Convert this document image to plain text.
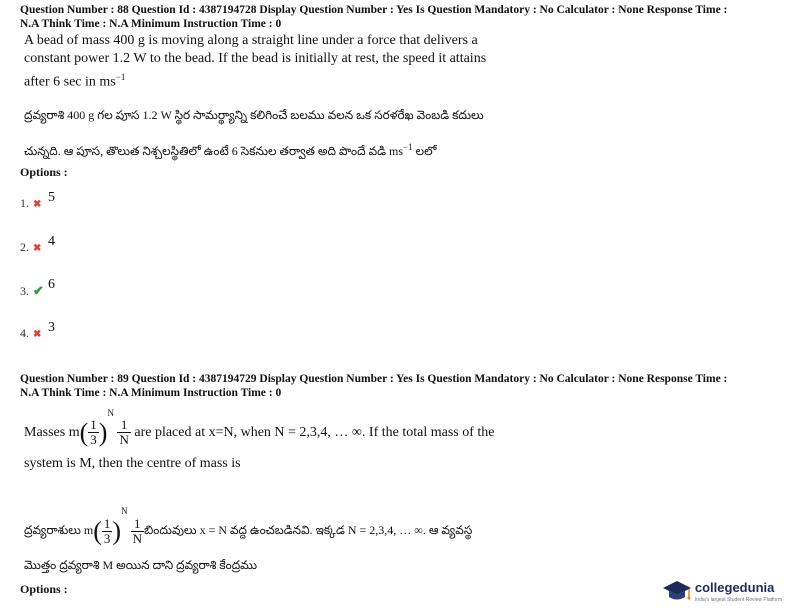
Question Number : 88 Question Id : 4387194728 Display Question Number : Yes Is Question Mandatory : No Calculator : None Response Time :
N.A Think Time : N.A Minimum Instruction Time : 0
A bead of mass 400 g is moving along a straight line under a force that delivers a
constant power 1.2 W to the bead. If the bead is initially at rest, the speed it attains
after 6 sec in $ms^{-1}$
ద్రవ్యరాశి 400 g గల పూస 1.2 W స్థిర సామర్థ్యాన్ని కలిగించే బలము వలన ఒక సరళరేఖ వెంబడి కదులు
చున్నది. ఆ పూస, తొలుత నిశ్చలస్థితిలో ఉంటే 6 సెకనుల తర్వాత అది పొందే వడి $ms^{-1}$ లలో
Options :
1. ✖ 5
2. ✖ 4
3. ✔ 6
4. ✖ 3
Question Number : 89 Question Id : 4387194729 Display Question Number : Yes Is Question Mandatory : No Calculator : None Response Time :
N.A Think Time : N.A Minimum Instruction Time : 0
Masses $m( \frac{1}{3} )^N$
$\frac{1}{N}$ are placed at x=N, when N = 2,3,4, … ∞. If the total mass of the
system is M, then the centre of mass is
ద్రవ్యరాశులు $m( \frac{1}{3} )^N$
$\frac{1}{N}$ బిందువులు x = N వద్ద ఉంచబడినవి. ఇక్కడ N = 2,3,4, … ∞. ఆ వ్యవస్థ
మొత్తం ద్రవ్యరాశి M అయిన దాని ద్రవ్యరాశి కేంద్రము
Options :	collegedunia
India's largest Student Review Platform
